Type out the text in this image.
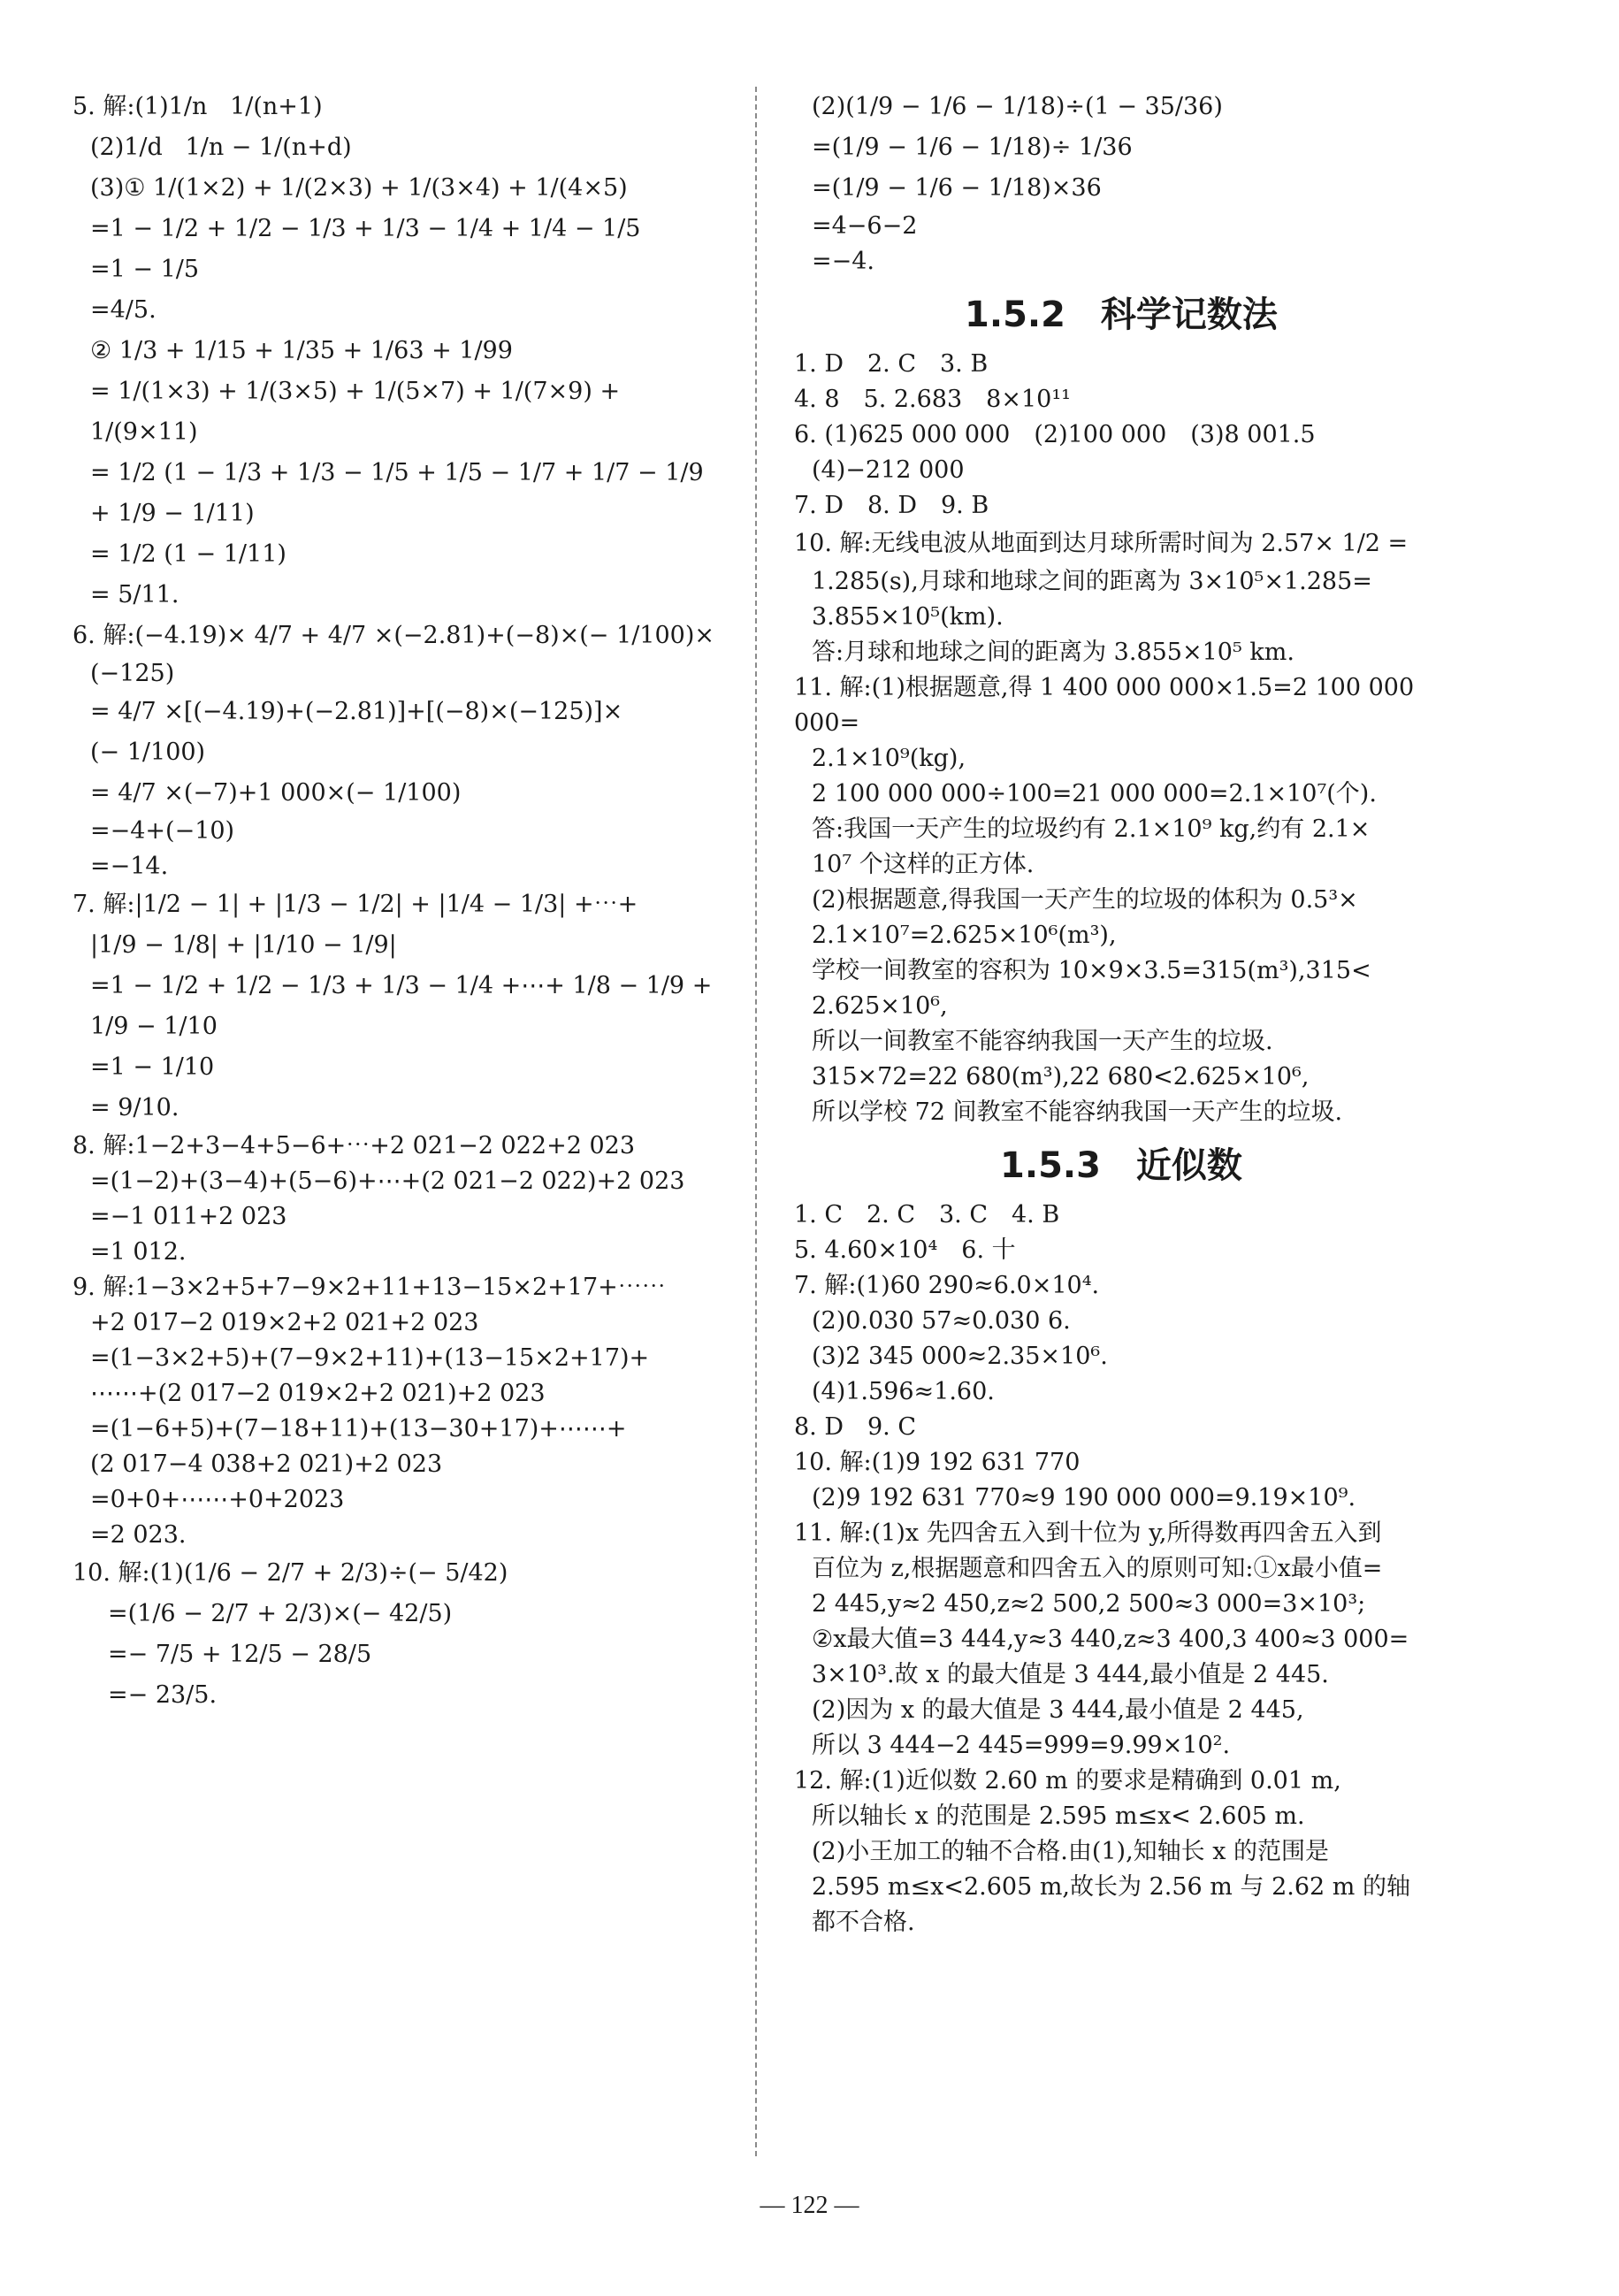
5. 解:(1)1/n   1/(n+1)
(2)1/d   1/n − 1/(n+d)
(3)① 1/(1×2) + 1/(2×3) + 1/(3×4) + 1/(4×5)
=1 − 1/2 + 1/2 − 1/3 + 1/3 − 1/4 + 1/4 − 1/5
=1 − 1/5
=4/5.
② 1/3 + 1/15 + 1/35 + 1/63 + 1/99
= 1/(1×3) + 1/(3×5) + 1/(5×7) + 1/(7×9) + 1/(9×11)
= 1/2 (1 − 1/3 + 1/3 − 1/5 + 1/5 − 1/7 + 1/7 − 1/9 + 1/9 − 1/11)
= 1/2 (1 − 1/11)
= 5/11.
6. 解:(−4.19)× 4/7 + 4/7 ×(−2.81)+(−8)×(− 1/100)×
(−125)
= 4/7 ×[(−4.19)+(−2.81)]+[(−8)×(−125)]×
(− 1/100)
= 4/7 ×(−7)+1 000×(− 1/100)
=−4+(−10)
=−14.
7. 解:|1/2 − 1| + |1/3 − 1/2| + |1/4 − 1/3| +⋯+
|1/9 − 1/8| + |1/10 − 1/9|
=1 − 1/2 + 1/2 − 1/3 + 1/3 − 1/4 +⋯+ 1/8 − 1/9 + 1/9 − 1/10
=1 − 1/10
= 9/10.
8. 解:1−2+3−4+5−6+⋯+2 021−2 022+2 023
=(1−2)+(3−4)+(5−6)+⋯+(2 021−2 022)+2 023
=−1 011+2 023
=1 012.
9. 解:1−3×2+5+7−9×2+11+13−15×2+17+⋯⋯
+2 017−2 019×2+2 021+2 023
=(1−3×2+5)+(7−9×2+11)+(13−15×2+17)+
⋯⋯+(2 017−2 019×2+2 021)+2 023
=(1−6+5)+(7−18+11)+(13−30+17)+⋯⋯+
(2 017−4 038+2 021)+2 023
=0+0+⋯⋯+0+2023
=2 023.
10. 解:(1)(1/6 − 2/7 + 2/3)÷(− 5/42)
=(1/6 − 2/7 + 2/3)×(− 42/5)
=− 7/5 + 12/5 − 28/5
=− 23/5.
(2)(1/9 − 1/6 − 1/18)÷(1 − 35/36)
=(1/9 − 1/6 − 1/18)÷ 1/36
=(1/9 − 1/6 − 1/18)×36
=4−6−2
=−4.
1.5.2　科学记数法
1. D　2. C　3. B
4. 8　5. 2.683　8×10¹¹
6. (1)625 000 000　(2)100 000　(3)8 001.5
(4)−212 000
7. D　8. D　9. B
10. 解:无线电波从地面到达月球所需时间为 2.57× 1/2 =
1.285(s),月球和地球之间的距离为 3×10⁵×1.285=
3.855×10⁵(km).
答:月球和地球之间的距离为 3.855×10⁵ km.
11. 解:(1)根据题意,得 1 400 000 000×1.5=2 100 000 000=
2.1×10⁹(kg),
2 100 000 000÷100=21 000 000=2.1×10⁷(个).
答:我国一天产生的垃圾约有 2.1×10⁹ kg,约有 2.1×
10⁷ 个这样的正方体.
(2)根据题意,得我国一天产生的垃圾的体积为 0.5³×
2.1×10⁷=2.625×10⁶(m³),
学校一间教室的容积为 10×9×3.5=315(m³),315<
2.625×10⁶,
所以一间教室不能容纳我国一天产生的垃圾.
315×72=22 680(m³),22 680<2.625×10⁶,
所以学校 72 间教室不能容纳我国一天产生的垃圾.
1.5.3　近似数
1. C　2. C　3. C　4. B
5. 4.60×10⁴　6. 十
7. 解:(1)60 290≈6.0×10⁴.
(2)0.030 57≈0.030 6.
(3)2 345 000≈2.35×10⁶.
(4)1.596≈1.60.
8. D　9. C
10. 解:(1)9 192 631 770
(2)9 192 631 770≈9 190 000 000=9.19×10⁹.
11. 解:(1)x 先四舍五入到十位为 y,所得数再四舍五入到
百位为 z,根据题意和四舍五入的原则可知:①x最小值=
2 445,y≈2 450,z≈2 500,2 500≈3 000=3×10³;
②x最大值=3 444,y≈3 440,z≈3 400,3 400≈3 000=
3×10³.故 x 的最大值是 3 444,最小值是 2 445.
(2)因为 x 的最大值是 3 444,最小值是 2 445,
所以 3 444−2 445=999=9.99×10².
12. 解:(1)近似数 2.60 m 的要求是精确到 0.01 m,
所以轴长 x 的范围是 2.595 m≤x< 2.605 m.
(2)小王加工的轴不合格.由(1),知轴长 x 的范围是
2.595 m≤x<2.605 m,故长为 2.56 m 与 2.62 m 的轴
都不合格.
— 122 —
